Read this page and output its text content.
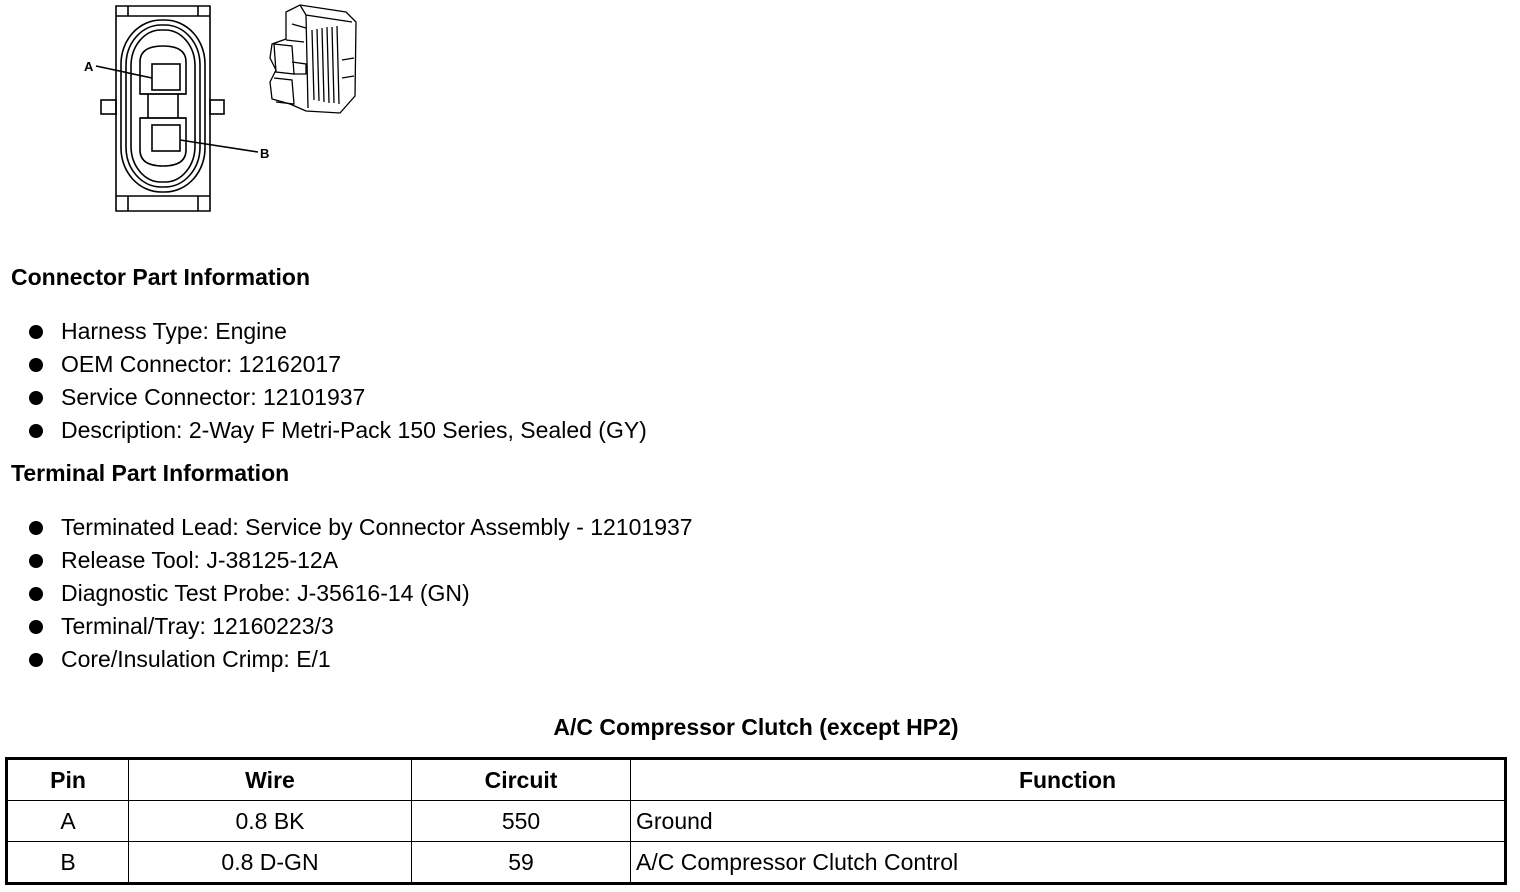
A
B
Connector Part Information
Harness Type: Engine
OEM Connector: 12162017
Service Connector: 12101937
Description: 2-Way F Metri-Pack 150 Series, Sealed (GY)
Terminal Part Information
Terminated Lead: Service by Connector Assembly - 12101937
Release Tool: J-38125-12A
Diagnostic Test Probe: J-35616-14 (GN)
Terminal/Tray: 12160223/3
Core/Insulation Crimp: E/1
A/C Compressor Clutch (except HP2)
Pin	Wire	Circuit	Function
A	0.8 BK	550	Ground
B	0.8 D-GN	59	A/C Compressor Clutch Control
